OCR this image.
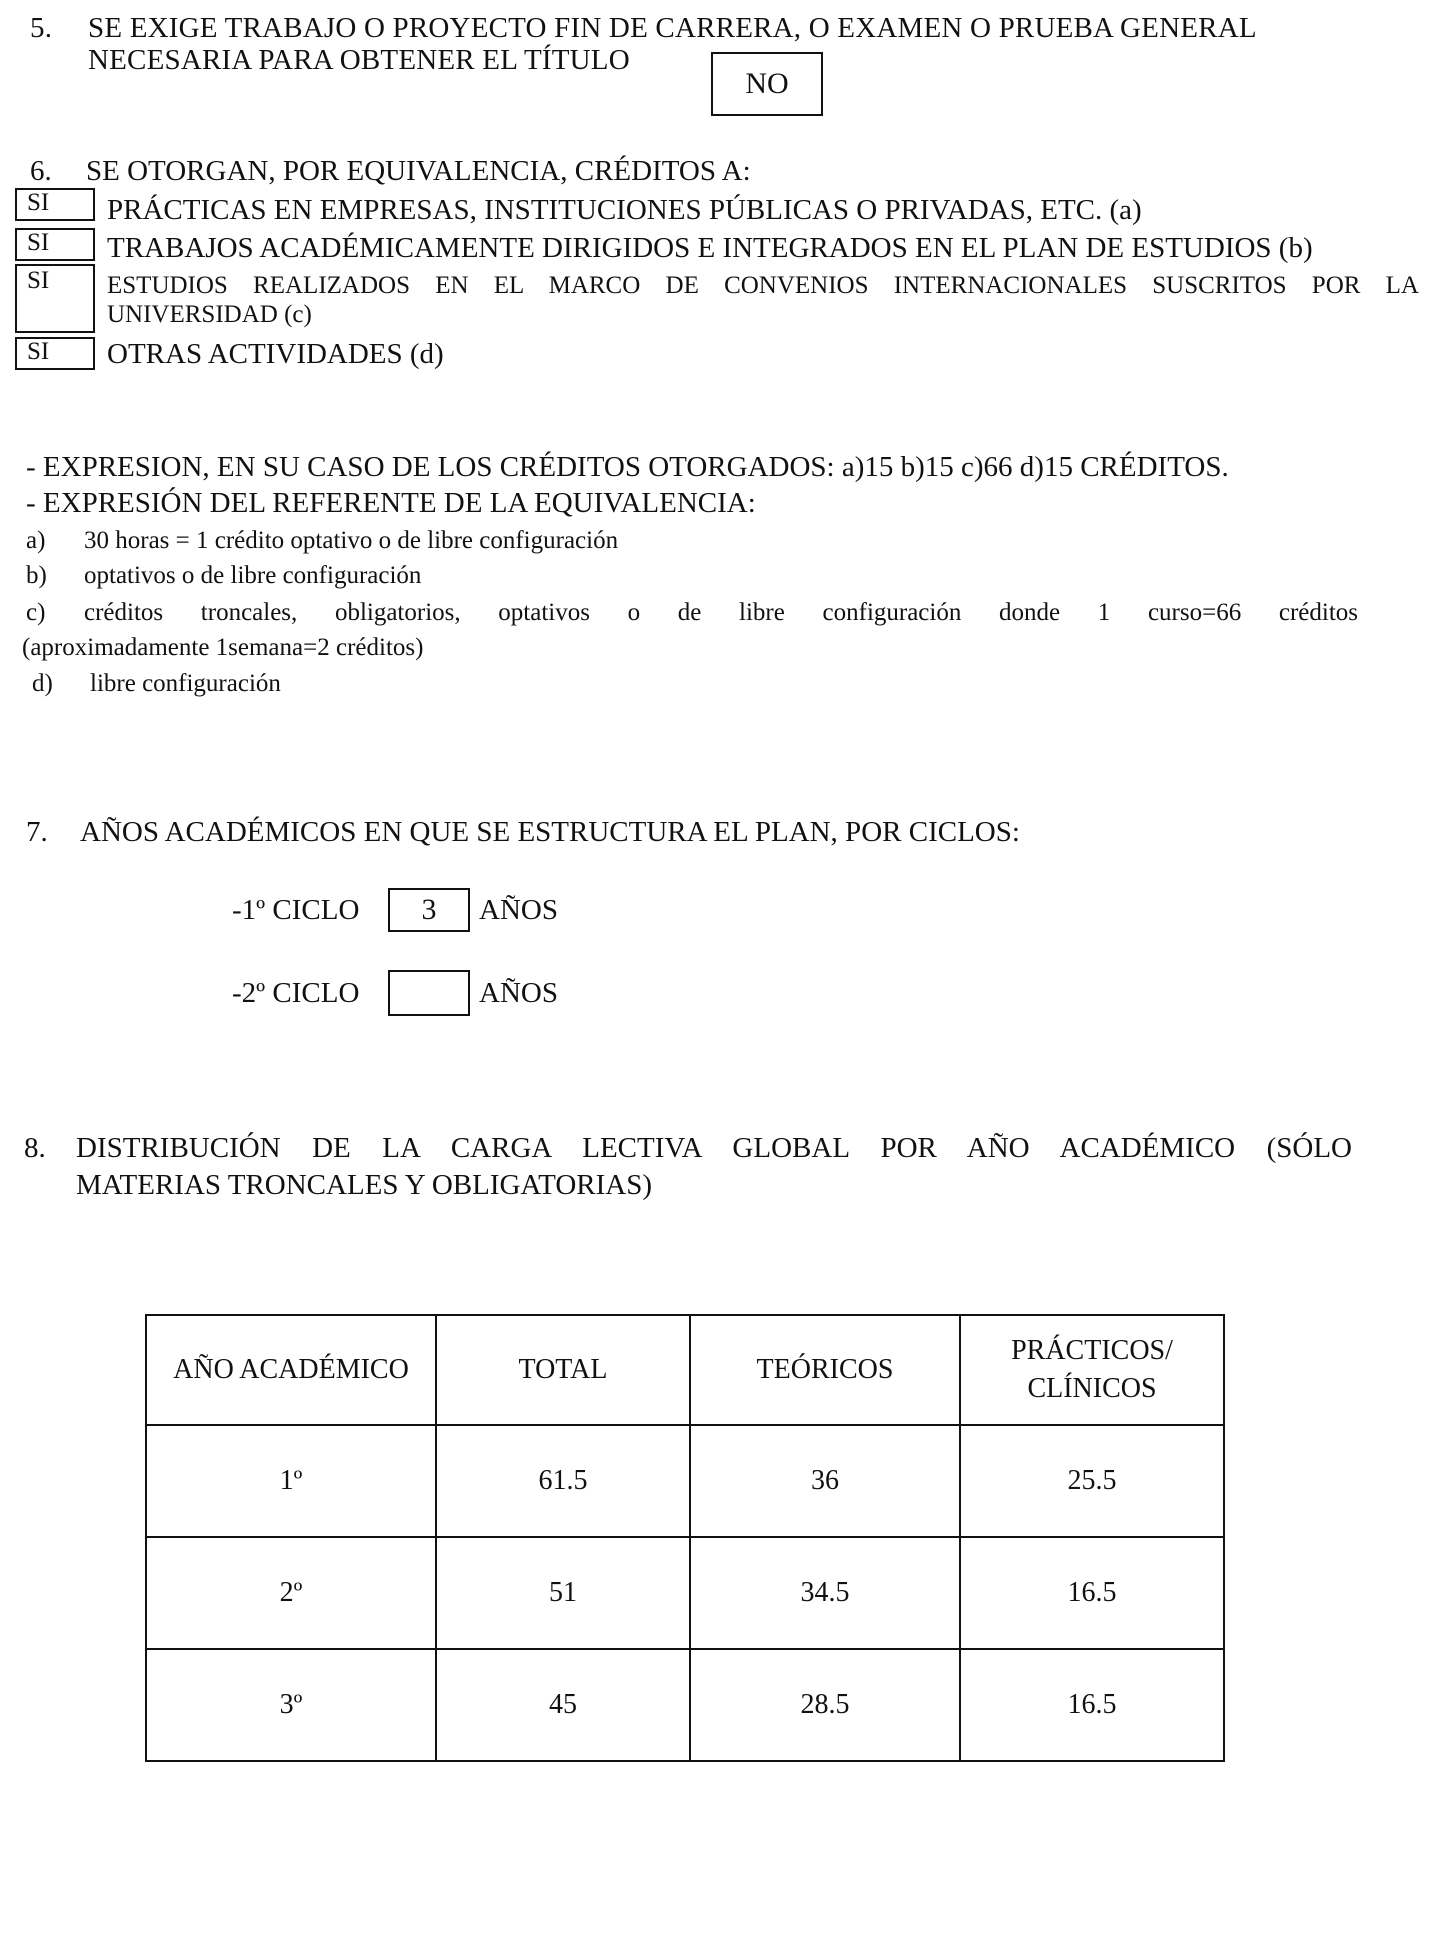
5. SE EXIGE TRABAJO O PROYECTO FIN DE CARRERA, O EXAMEN O PRUEBA GENERAL
NECESARIA PARA OBTENER EL TÍTULO
NO
6. SE OTORGAN, POR EQUIVALENCIA, CRÉDITOS A:
SI	PRÁCTICAS EN EMPRESAS, INSTITUCIONES PÚBLICAS O PRIVADAS, ETC. (a)
SI	TRABAJOS ACADÉMICAMENTE DIRIGIDOS E INTEGRADOS EN EL PLAN DE ESTUDIOS (b)
SI	ESTUDIOS REALIZADOS EN EL MARCO DE CONVENIOS INTERNACIONALES SUSCRITOS POR LA
UNIVERSIDAD (c)
SI	OTRAS ACTIVIDADES (d)
- EXPRESION, EN SU CASO DE LOS CRÉDITOS OTORGADOS: a)15 b)15 c)66 d)15 CRÉDITOS.
- EXPRESIÓN DEL REFERENTE DE LA EQUIVALENCIA:
a) 30 horas = 1 crédito optativo o de libre configuración
b) optativos o de libre configuración
c) créditos troncales, obligatorios, optativos o de libre configuración donde 1 curso=66 créditos
(aproximadamente 1semana=2 créditos)
d) libre configuración
7. AÑOS ACADÉMICOS EN QUE SE ESTRUCTURA EL PLAN, POR CICLOS:
-1º CICLO	3	AÑOS
-2º CICLO	AÑOS
8. DISTRIBUCIÓN DE LA CARGA LECTIVA GLOBAL POR AÑO ACADÉMICO (SÓLO
MATERIAS TRONCALES Y OBLIGATORIAS)
AÑO ACADÉMICO	TOTAL	TEÓRICOS	PRÁCTICOS/
CLÍNICOS
1º	61.5	36	25.5
2º	51	34.5	16.5
3º	45	28.5	16.5
